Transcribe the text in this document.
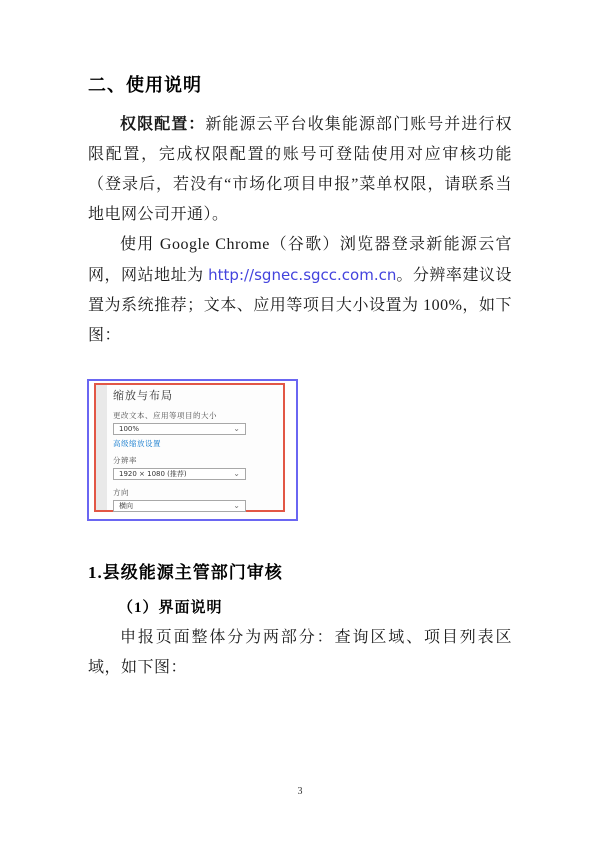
二、使用说明

权限配置：新能源云平台收集能源部门账号并进行权限配置，完成权限配置的账号可登陆使用对应审核功能（登录后，若没有“市场化项目申报”菜单权限，请联系当地电网公司开通）。

使用 Google Chrome（谷歌）浏览器登录新能源云官网，网站地址为 http://sgnec.sgcc.com.cn。分辨率建议设置为系统推荐；文本、应用等项目大小设置为 100%，如下图：

缩放与布局
更改文本、应用等项目的大小
100%	⌄
高级缩放设置
分辨率
1920 × 1080 (推荐)	⌄
方向
横向	⌄
1.县级能源主管部门审核
（1）界面说明

申报页面整体分为两部分：查询区域、项目列表区域，如下图：

3
